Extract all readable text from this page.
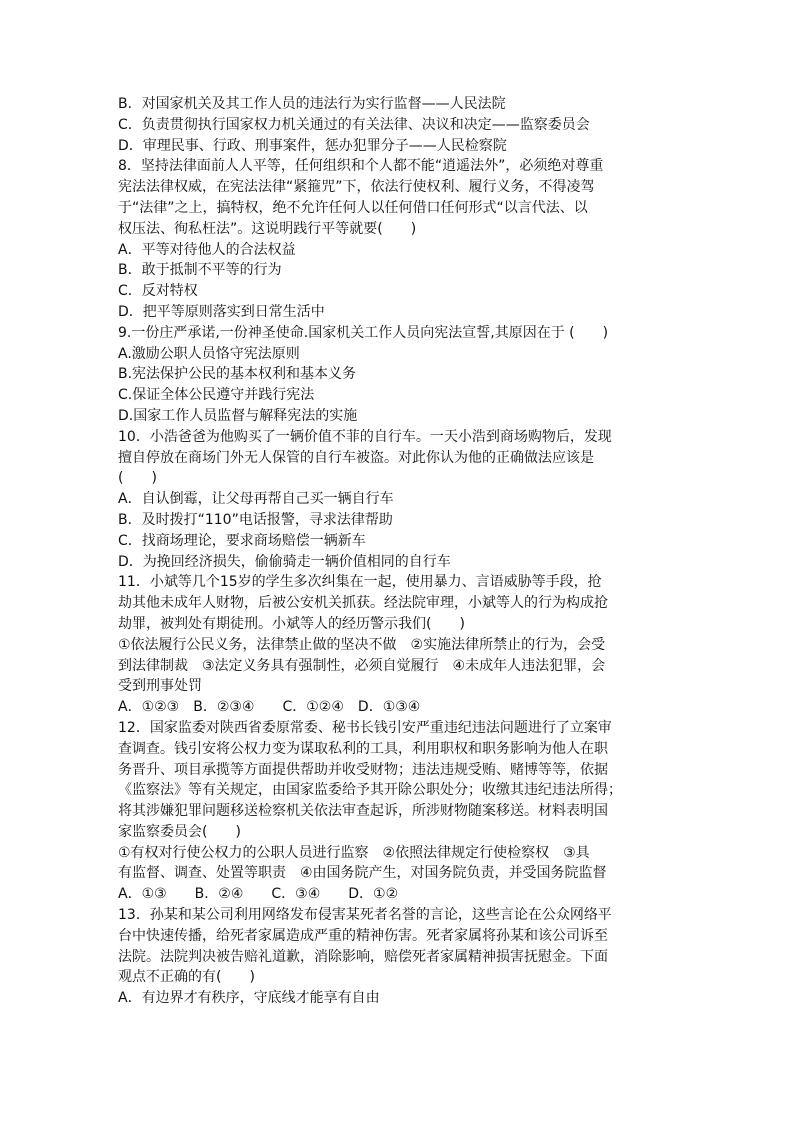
B．对国家机关及其工作人员的违法行为实行监督——人民法院
C．负责贯彻执行国家权力机关通过的有关法律、决议和决定——监察委员会
D．审理民事、行政、刑事案件，惩办犯罪分子——人民检察院
8．坚持法律面前人人平等，任何组织和个人都不能“逍遥法外”，必须绝对尊重
宪法法律权威，在宪法法律“紧箍咒”下，依法行使权利、履行义务，不得凌驾
于“法律”之上，搞特权，绝不允许任何人以任何借口任何形式“以言代法、以
权压法、徇私枉法”。这说明践行平等就要(　　)
A．平等对待他人的合法权益
B．敢于抵制不平等的行为
C．反对特权
D．把平等原则落实到日常生活中
9.一份庄严承诺,一份神圣使命.国家机关工作人员向宪法宣誓,其原因在于 (　　)
A.激励公职人员恪守宪法原则
B.宪法保护公民的基本权利和基本义务
C.保证全体公民遵守并践行宪法
D.国家工作人员监督与解释宪法的实施
10．小浩爸爸为他购买了一辆价值不菲的自行车。一天小浩到商场购物后，发现
擅自停放在商场门外无人保管的自行车被盗。对此你认为他的正确做法应该是
(　　)
A．自认倒霉，让父母再帮自己买一辆自行车
B．及时拨打“110”电话报警，寻求法律帮助
C．找商场理论，要求商场赔偿一辆新车
D．为挽回经济损失，偷偷骑走一辆价值相同的自行车
11．小斌等几个15岁的学生多次纠集在一起，使用暴力、言语威胁等手段，抢
劫其他未成年人财物，后被公安机关抓获。经法院审理，小斌等人的行为构成抢
劫罪，被判处有期徒刑。小斌等人的经历警示我们(　　)
①依法履行公民义务，法律禁止做的坚决不做　②实施法律所禁止的行为，会受
到法律制裁　③法定义务具有强制性，必须自觉履行　④未成年人违法犯罪，会
受到刑事处罚
A．①②③　B．②③④　　C．①②④　D．①③④
12．国家监委对陕西省委原常委、秘书长钱引安严重违纪违法问题进行了立案审
查调查。钱引安将公权力变为谋取私利的工具，利用职权和职务影响为他人在职
务晋升、项目承揽等方面提供帮助并收受财物；违法违规受贿、赌博等等，依据
《监察法》等有关规定，由国家监委给予其开除公职处分；收缴其违纪违法所得；
将其涉嫌犯罪问题移送检察机关依法审查起诉，所涉财物随案移送。材料表明国
家监察委员会(　　)
①有权对行使公权力的公职人员进行监察　②依照法律规定行使检察权　③具
有监督、调查、处置等职责　④由国务院产生，对国务院负责，并受国务院监督
A．①③　　B．②④　　C．③④　　D．①②
13．孙某和某公司利用网络发布侵害某死者名誉的言论，这些言论在公众网络平
台中快速传播，给死者家属造成严重的精神伤害。死者家属将孙某和该公司诉至
法院。法院判决被告赔礼道歉，消除影响，赔偿死者家属精神损害抚慰金。下面
观点不正确的有(　　)
A．有边界才有秩序，守底线才能享有自由
